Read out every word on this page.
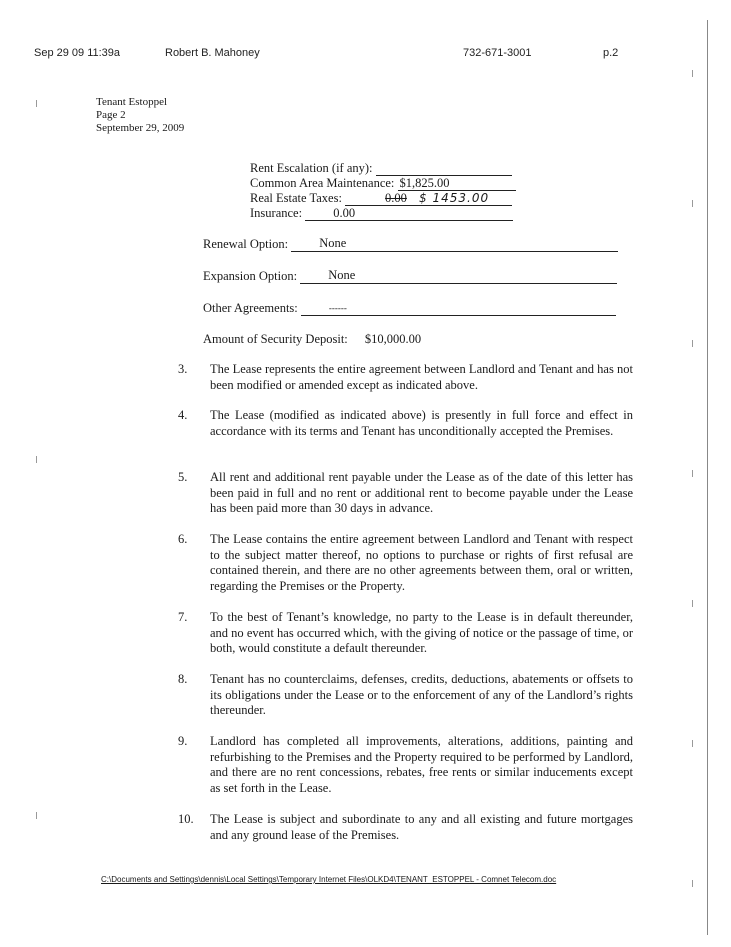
Sep 29 09 11:39a	Robert B. Mahoney	732-671-3001	p.2
Tenant Estoppel
Page 2
September 29, 2009
Rent Escalation (if any):
Common Area Maintenance: $1,825.00
Real Estate Taxes:	0.00 $ 1453.00
Insurance: 0.00
Renewal Option: None
Expansion Option: None
Other Agreements:	------
Amount of Security Deposit: $10,000.00
3. The Lease represents the entire agreement between Landlord and Tenant and has not been modified or amended except as indicated above.
4. The Lease (modified as indicated above) is presently in full force and effect in accordance with its terms and Tenant has unconditionally accepted the Premises.
5. All rent and additional rent payable under the Lease as of the date of this letter has been paid in full and no rent or additional rent to become payable under the Lease has been paid more than 30 days in advance.
6. The Lease contains the entire agreement between Landlord and Tenant with respect to the subject matter thereof, no options to purchase or rights of first refusal are contained therein, and there are no other agreements between them, oral or written, regarding the Premises or the Property.
7. To the best of Tenant’s knowledge, no party to the Lease is in default thereunder, and no event has occurred which, with the giving of notice or the passage of time, or both, would constitute a default thereunder.
8. Tenant has no counterclaims, defenses, credits, deductions, abatements or offsets to its obligations under the Lease or to the enforcement of any of the Landlord’s rights thereunder.
9. Landlord has completed all improvements, alterations, additions, painting and refurbishing to the Premises and the Property required to be performed by Landlord, and there are no rent concessions, rebates, free rents or similar inducements except as set forth in the Lease.
10. The Lease is subject and subordinate to any and all existing and future mortgages and any ground lease of the Premises.
C:\Documents and Settings\dennis\Local Settings\Temporary Internet Files\OLKD4\TENANT_ESTOPPEL - Comnet Telecom.doc
